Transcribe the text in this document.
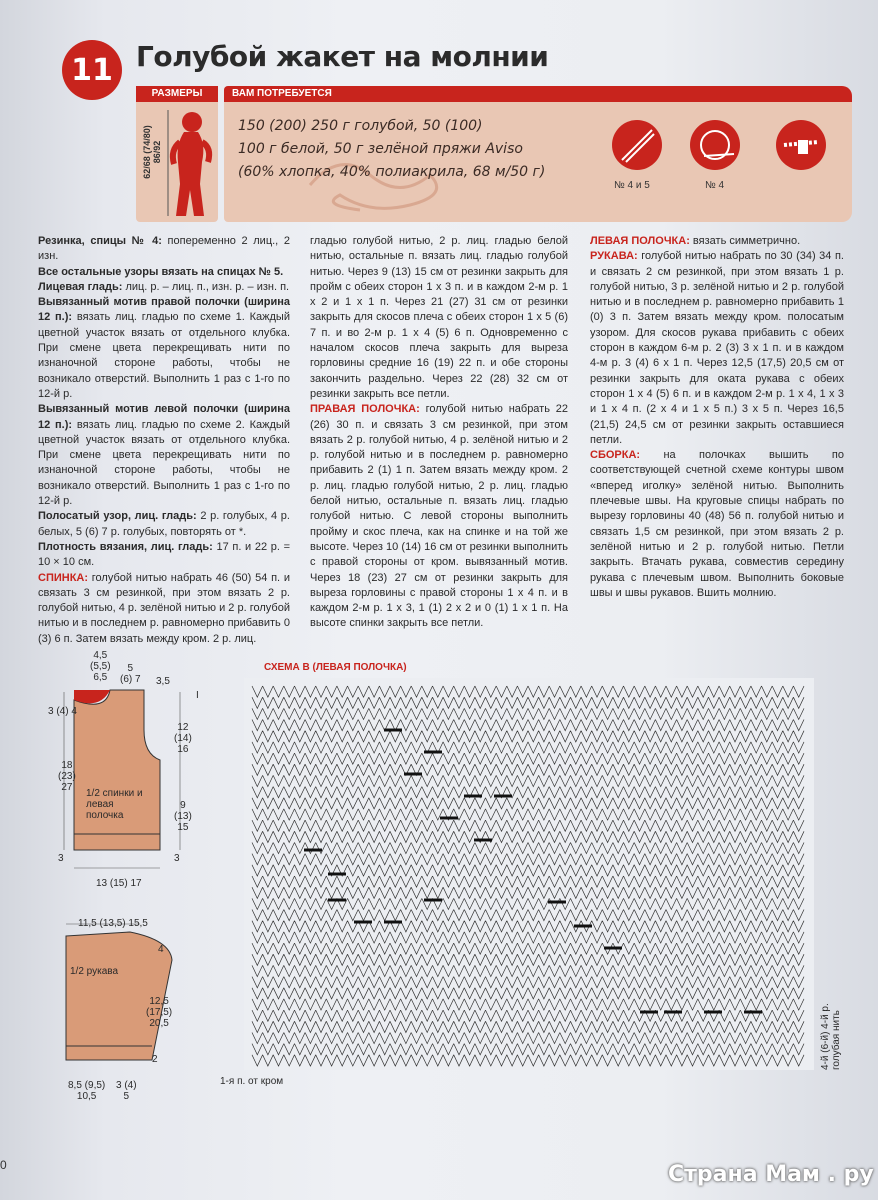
11 Голубой жакет на молнии
РАЗМЕРЫ
62/68 (74/80) 86/92
ВАМ ПОТРЕБУЕТСЯ
150 (200) 250 г голубой, 50 (100)
100 г белой, 50 г зелёной пряжи Aviso
(60% хлопка, 40% полиакрила, 68 м/50 г)
№ 4 и 5	№ 4

Резинка, спицы № 4: попеременно 2 лиц., 2 изн.

Все остальные узоры вязать на спицах № 5.

Лицевая гладь: лиц. р. – лиц. п., изн. р. – изн. п.

Вывязанный мотив правой полочки (ширина 12 п.): вязать лиц. гладью по схеме 1. Каждый цветной участок вязать от отдельного клубка. При смене цвета перекрещивать нити по изнаночной стороне работы, чтобы не возникало отверстий. Выполнить 1 раз с 1-го по 12-й р.

Вывязанный мотив левой полочки (ширина 12 п.): вязать лиц. гладью по схеме 2. Каждый цветной участок вязать от отдельного клубка. При смене цвета перекрещивать нити по изнаночной стороне работы, чтобы не возникало отверстий. Выполнить 1 раз с 1-го по 12-й р.

Полосатый узор, лиц. гладь: 2 р. голубых, 4 р. белых, 5 (6) 7 р. голубых, повторять от *.

Плотность вязания, лиц. гладь: 17 п. и 22 р. = 10 × 10 см.

СПИНКА: голубой нитью набрать 46 (50) 54 п. и связать 3 см резинкой, при этом вязать 2 р. голубой нитью, 4 р. зелёной нитью и 2 р. голубой нитью и в последнем р. равномерно прибавить 0 (3) 6 п. Затем вязать между кром. 2 р. лиц.

гладью голубой нитью, 2 р. лиц. гладью белой нитью, остальные п. вязать лиц. гладью голубой нитью. Через 9 (13) 15 см от резинки закрыть для пройм с обеих сторон 1 х 3 п. и в каждом 2-м р. 1 х 2 и 1 х 1 п. Через 21 (27) 31 см от резинки закрыть для скосов плеча с обеих сторон 1 х 5 (6) 7 п. и во 2-м р. 1 х 4 (5) 6 п. Одновременно с началом скосов плеча закрыть для выреза горловины средние 16 (19) 22 п. и обе стороны закончить раздельно. Через 22 (28) 32 см от резинки закрыть все петли.

ПРАВАЯ ПОЛОЧКА: голубой нитью набрать 22 (26) 30 п. и связать 3 см резинкой, при этом вязать 2 р. голубой нитью, 4 р. зелёной нитью и 2 р. голубой нитью и в последнем р. равномерно прибавить 2 (1) 1 п. Затем вязать между кром. 2 р. лиц. гладью голубой нитью, 2 р. лиц. гладью белой нитью, остальные п. вязать лиц. гладью голубой нитью. С левой стороны выполнить пройму и скос плеча, как на спинке и на той же высоте. Через 10 (14) 16 см от резинки выполнить с правой стороны от кром. вывязанный мотив. Через 18 (23) 27 см от резинки закрыть для выреза горловины с правой стороны 1 х 4 п. и в каждом 2-м р. 1 х 3, 1 (1) 2 х 2 и 0 (1) 1 х 1 п. На высоте спинки закрыть все петли.

ЛЕВАЯ ПОЛОЧКА: вязать симметрично.

РУКАВА: голубой нитью набрать по 30 (34) 34 п. и связать 2 см резинкой, при этом вязать 1 р. голубой нитью, 3 р. зелёной нитью и 2 р. голубой нитью и в последнем р. равномерно прибавить 1 (0) 3 п. Затем вязать между кром. полосатым узором. Для скосов рукава прибавить с обеих сторон в каждом 6-м р. 2 (3) 3 х 1 п. и в каждом 4-м р. 3 (4) 6 х 1 п. Через 12,5 (17,5) 20,5 см от резинки закрыть для оката рукава с обеих сторон 1 х 4 (5) 6 п. и в каждом 2-м р. 1 х 4, 1 х 3 и 1 х 4 п. (2 х 4 и 1 х 5 п.) 3 х 5 п. Через 16,5 (21,5) 24,5 см от резинки закрыть оставшиеся петли.

СБОРКА: на полочках вышить по соответствующей счетной схеме контуры швом «вперед иголку» зелёной нитью. Выполнить плечевые швы. На круговые спицы набрать по вырезу горловины 40 (48) 56 п. голубой нитью и связать 1,5 см резинкой, при этом вязать 2 р. зелёной нитью и 2 р. голубой нитью. Петли закрыть. Втачать рукава, совместив середину рукава с плечевым швом. Выполнить боковые швы и швы рукавов. Вшить молнию.

4,5
(5,5)
6,5
5
(6) 7 3,5
3 (4) 4
18
(23)
27
3
12
(14)
16
9
(13)
15
3
13 (15) 17
I
1/2 спинки и левая полочка
11,5 (13,5) 15,5
4
12,5
(17,5)
20,5
2
1/2 рукава
8,5 (9,5)
10,5
3 (4)
5
СХЕМА В (ЛЕВАЯ ПОЛОЧКА)
1-я п. от кром
4-й (6-й) 4-й р. голубая нить
0	Страна Мам . ру
